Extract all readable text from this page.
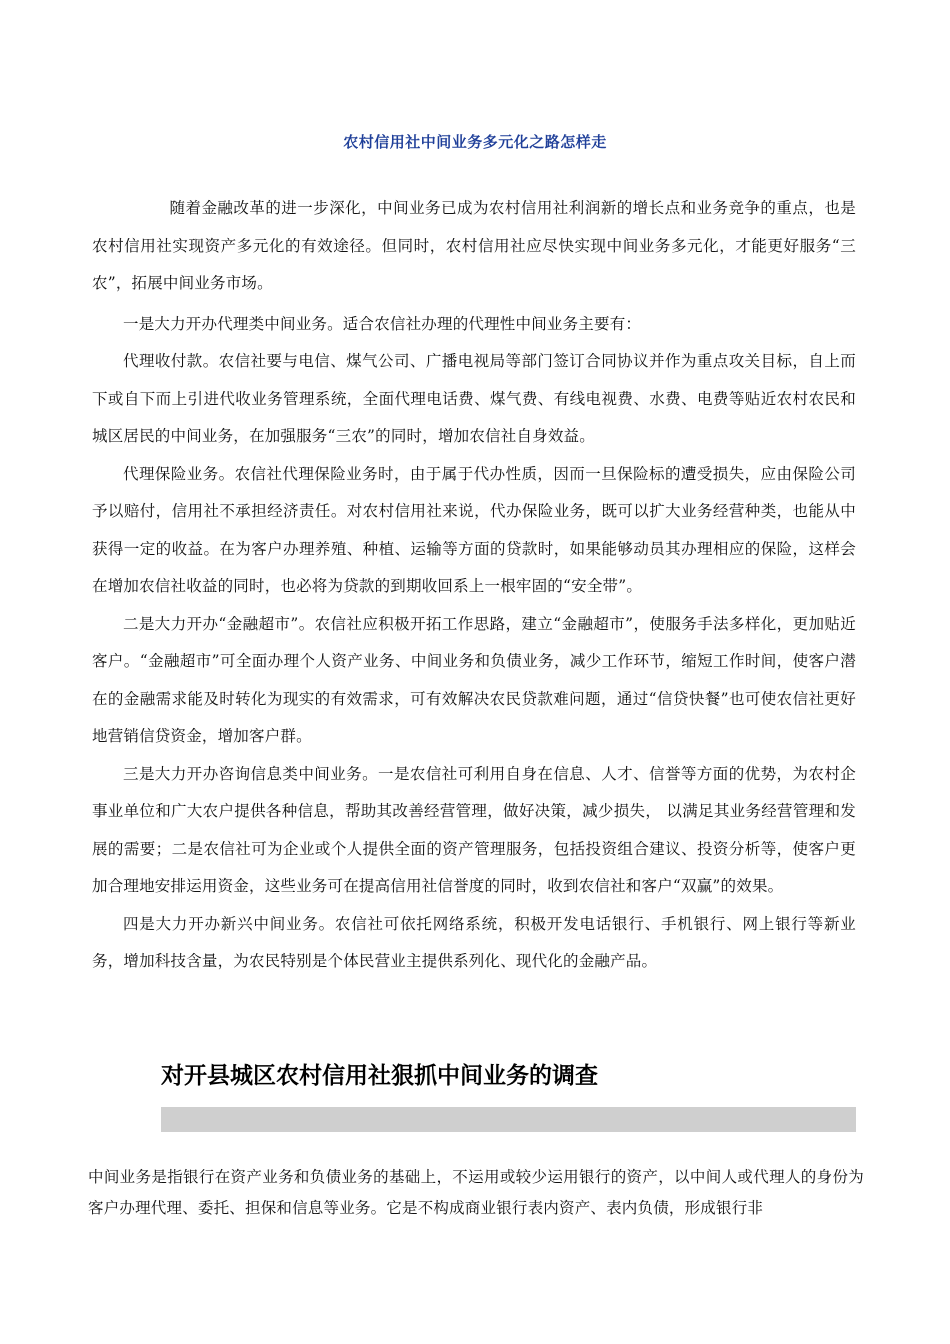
农村信用社中间业务多元化之路怎样走

随着金融改革的进一步深化，中间业务已成为农村信用社利润新的增长点和业务竞争的重点，也是农村信用社实现资产多元化的有效途径。但同时，农村信用社应尽快实现中间业务多元化，才能更好服务“三农”，拓展中间业务市场。

一是大力开办代理类中间业务。适合农信社办理的代理性中间业务主要有：

代理收付款。农信社要与电信、煤气公司、广播电视局等部门签订合同协议并作为重点攻关目标，自上而下或自下而上引进代收业务管理系统，全面代理电话费、煤气费、有线电视费、水费、电费等贴近农村农民和城区居民的中间业务，在加强服务“三农”的同时，增加农信社自身效益。

代理保险业务。农信社代理保险业务时，由于属于代办性质，因而一旦保险标的遭受损失，应由保险公司予以赔付，信用社不承担经济责任。对农村信用社来说，代办保险业务，既可以扩大业务经营种类，也能从中获得一定的收益。在为客户办理养殖、种植、运输等方面的贷款时，如果能够动员其办理相应的保险，这样会在增加农信社收益的同时，也必将为贷款的到期收回系上一根牢固的“安全带”。

二是大力开办“金融超市”。农信社应积极开拓工作思路，建立“金融超市”，使服务手法多样化，更加贴近客户。“金融超市”可全面办理个人资产业务、中间业务和负债业务，减少工作环节，缩短工作时间，使客户潜在的金融需求能及时转化为现实的有效需求，可有效解决农民贷款难问题，通过“信贷快餐”也可使农信社更好地营销信贷资金，增加客户群。

三是大力开办咨询信息类中间业务。一是农信社可利用自身在信息、人才、信誉等方面的优势，为农村企事业单位和广大农户提供各种信息，帮助其改善经营管理，做好决策，减少损失， 以满足其业务经营管理和发展的需要；二是农信社可为企业或个人提供全面的资产管理服务，包括投资组合建议、投资分析等，使客户更加合理地安排运用资金，这些业务可在提高信用社信誉度的同时，收到农信社和客户“双赢”的效果。

四是大力开办新兴中间业务。农信社可依托网络系统，积极开发电话银行、手机银行、网上银行等新业务，增加科技含量，为农民特别是个体民营业主提供系列化、现代化的金融产品。

对开县城区农村信用社狠抓中间业务的调查

中间业务是指银行在资产业务和负债业务的基础上，不运用或较少运用银行的资产，以中间人或代理人的身份为客户办理代理、委托、担保和信息等业务。它是不构成商业银行表内资产、表内负债，形成银行非
